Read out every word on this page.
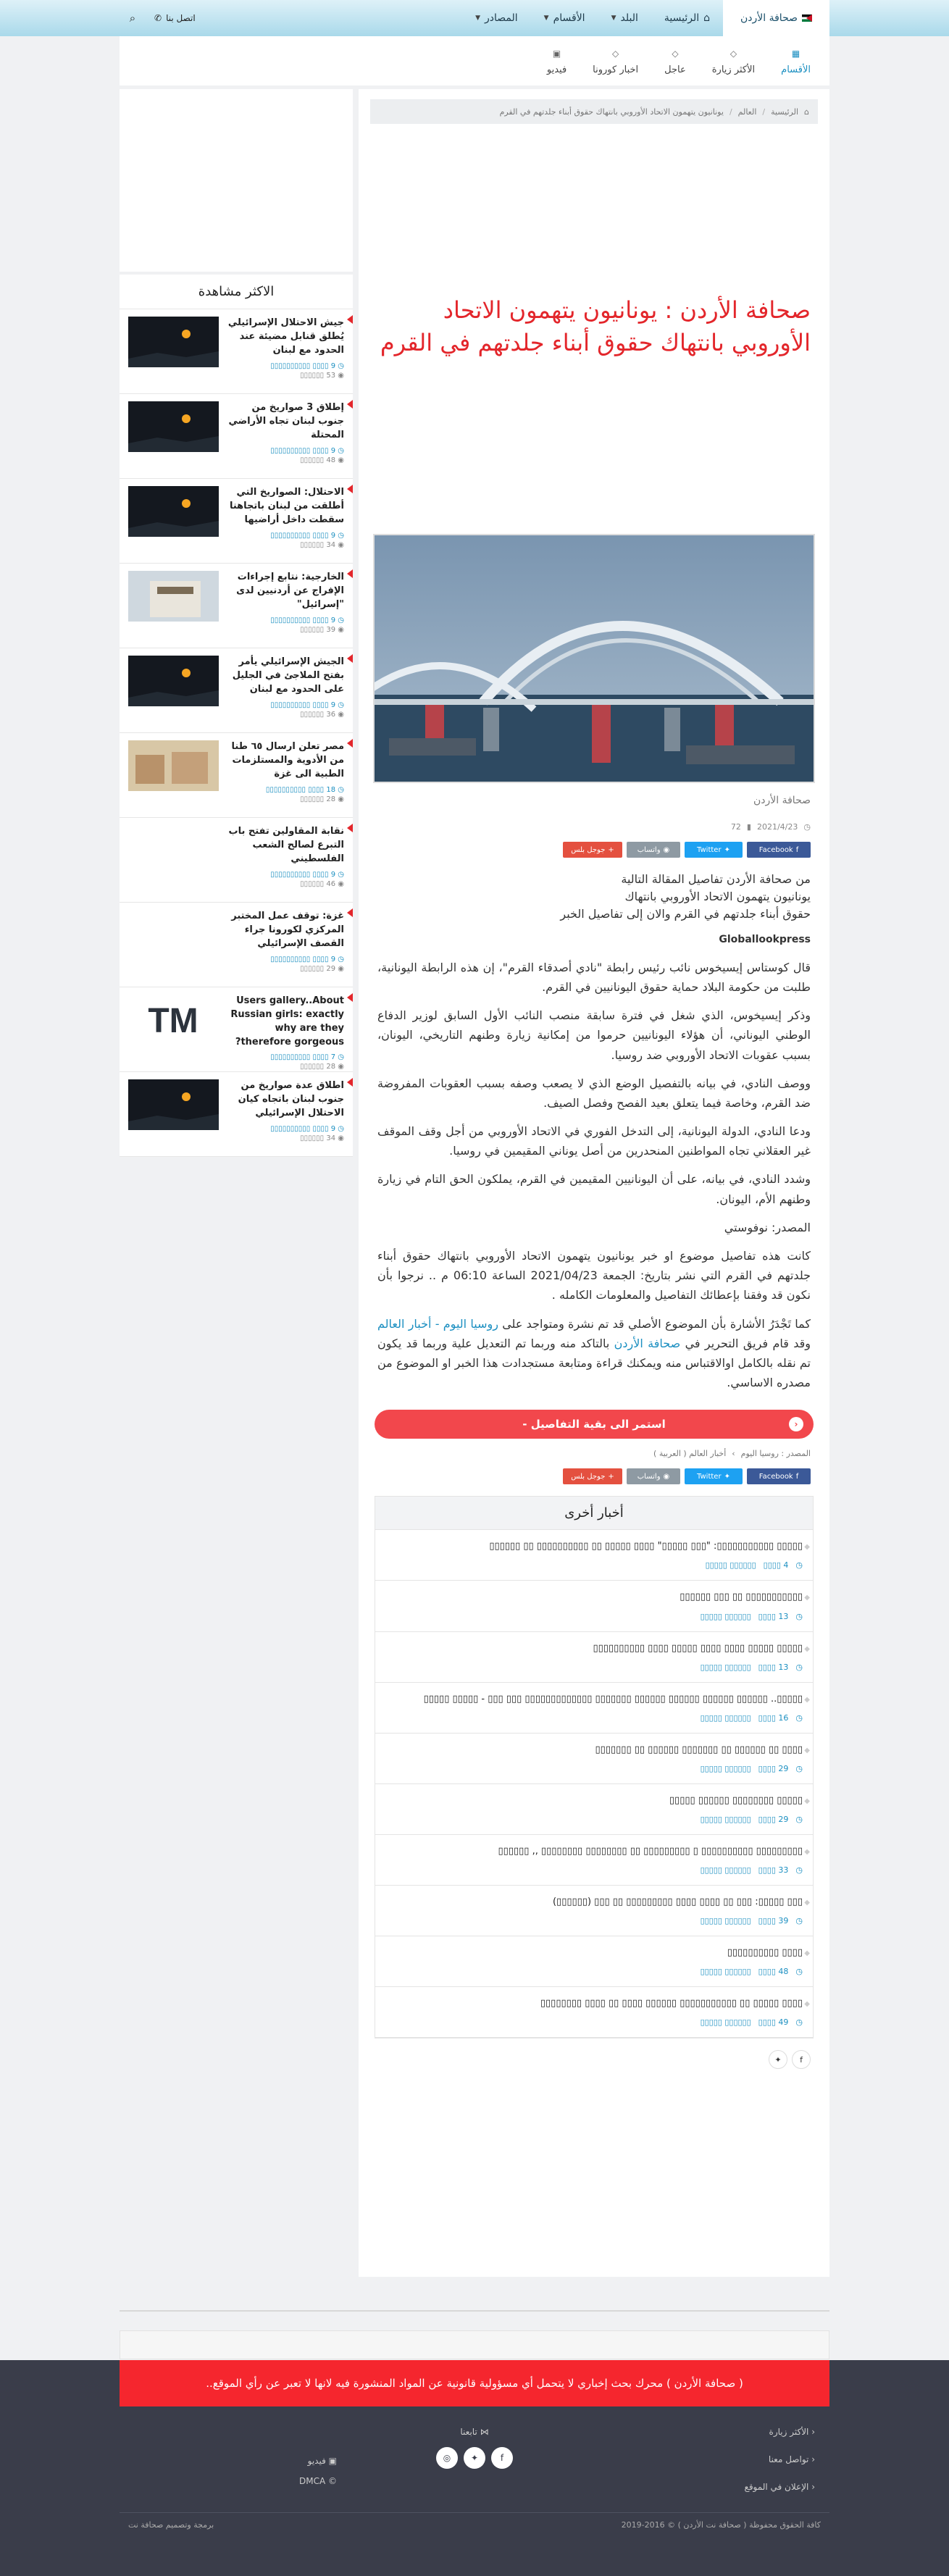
صحافة الأردن
⌂
الرئيسية
البلد
▼
الأقسام
▼
المصادر
▼
اتصل بنا
✆
⌕
▦
الأقسام
◇
الأكثر زيارة
◇
عاجل
◇
اخبار كورونا
▣
فيديو
⌂
الرئيسية
/
العالم
/
يونانيون يتهمون الاتحاد الأوروبي بانتهاك حقوق أبناء جلدتهم في القرم
صحافة الأردن : يونانيون يتهمون الاتحاد الأوروبي بانتهاك حقوق أبناء جلدتهم في القرم
صحافة الأردن
◷
2021/4/23
▮
72
f
Facebook
✦
Twitter
◉
واتساب
+
جوجل بلس

من صحافة الأردن تفاصيل المقالة التالية
يونانيون يتهمون الاتحاد الأوروبي بانتهاك
حقوق أبناء جلدتهم في القرم والان إلى تفاصيل الخبر

Globallookpress

قال كوستاس إيسيخوس نائب رئيس رابطة "نادي أصدقاء القرم"، إن هذه الرابطة اليونانية، طلبت من حكومة البلاد حماية حقوق اليونانيين في القرم.

وذكر إيسيخوس، الذي شغل في فترة سابقة منصب النائب الأول السابق لوزير الدفاع الوطني اليوناني، أن هؤلاء اليونانيين حرموا من إمكانية زيارة وطنهم التاريخي، اليونان، بسبب عقوبات الاتحاد الأوروبي ضد روسيا.

ووصف النادي، في بيانه بالتفصيل الوضع الذي لا يصعب وصفه بسبب العقوبات المفروضة ضد القرم، وخاصة فيما يتعلق بعيد الفصح وفصل الصيف.

ودعا النادي، الدولة اليونانية، إلى التدخل الفوري في الاتحاد الأوروبي من أجل وقف الموقف غير العقلاني تجاه المواطنين المنحدرين من أصل يوناني المقيمين في روسيا.

وشدد النادي، في بيانه، على أن اليونانيين المقيمين في القرم، يملكون الحق التام في زيارة وطنهم الأم، اليونان.

المصدر: نوفوستي

كانت هذه تفاصيل موضوع او خبر يونانيون يتهمون الاتحاد الأوروبي بانتهاك حقوق أبناء جلدتهم في القرم التي نشر بتاريخ: الجمعة 2021/04/23 الساعة 06:10 م .. نرجوا بأن نكون قد وفقنا بإعطائك التفاصيل والمعلومات الكامله .

كما تَجْدَرُ الأشارة بأن الموضوع الأصلي قد تم نشرة ومتواجد على روسيا اليوم - أخبار العالم وقد قام فريق التحرير في صحافة الأردن بالتاكد منه وربما تم التعديل علية وربما قد يكون تم نقله بالكامل اوالاقتباس منه ويمكنك قراءة ومتابعة مستجدادت هذا الخبر او الموضوع من مصدره الاساسي.

‹
استمر الى بقية التفاصيل -
المصدر : روسيا اليوم
›
أخبار العالم ( العربية )
f
Facebook
✦
Twitter
◉
واتساب
+
جوجل بلس
أخبار أخرى
◆
▯▯▯▯▯ ▯▯▯▯▯▯▯▯▯▯▯: "▯▯▯ ▯▯▯▯▯" ▯▯▯▯ ▯▯▯▯▯ ▯▯ ▯▯▯▯▯▯▯▯▯▯ ▯▯ ▯▯▯▯▯▯
◷
4 ▯▯▯▯
▯▯▯▯▯▯ ▯▯▯▯▯
◆
▯▯▯▯▯▯▯▯▯▯▯ ▯▯ ▯▯▯ ▯▯▯▯▯▯
◷
13 ▯▯▯▯
▯▯▯▯▯▯ ▯▯▯▯▯
◆
▯▯▯▯▯ ▯▯▯▯▯ ▯▯▯▯ ▯▯▯▯ ▯▯▯▯▯ ▯▯▯▯ ▯▯▯▯▯▯▯▯▯▯
◷
13 ▯▯▯▯
▯▯▯▯▯▯ ▯▯▯▯▯
◆
▯▯▯▯▯.. ▯▯▯▯▯▯ ▯▯▯▯▯▯ ▯▯▯▯▯▯ ▯▯▯▯▯▯ ▯▯▯▯▯▯▯ ▯▯▯▯▯▯▯▯▯▯▯▯▯ ▯▯▯ ▯▯▯ - ▯▯▯▯▯ ▯▯▯▯▯
◷
16 ▯▯▯▯
▯▯▯▯▯▯ ▯▯▯▯▯
◆
▯▯▯▯ ▯▯ ▯▯▯▯▯▯ ▯▯ ▯▯▯▯▯▯▯ ▯▯▯▯▯▯ ▯▯ ▯▯▯▯▯▯▯
◷
29 ▯▯▯▯
▯▯▯▯▯▯ ▯▯▯▯▯
◆
▯▯▯▯▯ ▯▯▯▯▯▯▯▯ ▯▯▯▯▯▯ ▯▯▯▯▯
◷
29 ▯▯▯▯
▯▯▯▯▯▯ ▯▯▯▯▯
◆
▯▯▯▯▯▯▯▯▯ ▯▯▯▯▯▯▯▯▯▯ ▯ ▯▯▯▯▯▯▯▯▯ ▯▯ ▯▯▯▯▯▯▯▯ ▯▯▯▯▯▯▯▯ ,, ▯▯▯▯▯▯
◷
33 ▯▯▯▯
▯▯▯▯▯▯ ▯▯▯▯▯
◆
▯▯▯ ▯▯▯▯▯: ▯▯▯ ▯▯ ▯▯▯▯ ▯▯▯▯ ▯▯▯▯▯▯▯▯▯ ▯▯ ▯▯▯ (▯▯▯▯▯▯)
◷
39 ▯▯▯▯
▯▯▯▯▯▯ ▯▯▯▯▯
◆
▯▯▯▯ ▯▯▯▯▯▯▯▯▯▯
◷
48 ▯▯▯▯
▯▯▯▯▯▯ ▯▯▯▯▯
◆
▯▯▯▯ ▯▯▯▯▯ ▯▯ ▯▯▯▯▯▯▯▯▯▯▯ ▯▯▯▯▯▯ ▯▯▯▯ ▯▯ ▯▯▯▯ ▯▯▯▯▯▯▯▯
◷
49 ▯▯▯▯
▯▯▯▯▯▯ ▯▯▯▯▯
f
✦
الاكثر مشاهدة
جيش الاحتلال الإسرائيلي يُطلق قنابل مضيئة عند الحدود مع لبنان
◷ 9 ▯▯▯▯ ▯▯▯▯▯▯▯▯▯▯
◉ 53 ▯▯▯▯▯▯
إطلاق 3 صواريخ من جنوب لبنان تجاه الأراضي المحتلة
◷ 9 ▯▯▯▯ ▯▯▯▯▯▯▯▯▯▯
◉ 48 ▯▯▯▯▯▯
الاحتلال: الصواريخ التي أطلقت من لبنان باتجاهنا سقطت داخل أراضيها
◷ 9 ▯▯▯▯ ▯▯▯▯▯▯▯▯▯▯
◉ 34 ▯▯▯▯▯▯
الخارجية: نتابع إجراءات الإفراج عن أردنيين لدى "إسرائيل"
◷ 9 ▯▯▯▯ ▯▯▯▯▯▯▯▯▯▯
◉ 39 ▯▯▯▯▯▯
الجيش الإسرائيلي يأمر بفتح الملاجئ في الجليل على الحدود مع لبنان
◷ 9 ▯▯▯▯ ▯▯▯▯▯▯▯▯▯▯
◉ 36 ▯▯▯▯▯▯
مصر تعلن ارسال ٦٥ طنا من الأدوية والمستلزمات الطبية الى غزة
◷ 18 ▯▯▯▯ ▯▯▯▯▯▯▯▯▯▯
◉ 28 ▯▯▯▯▯▯
نقابة المقاولين تفتح باب التبرع لصالح الشعب الفلسطيني
◷ 9 ▯▯▯▯ ▯▯▯▯▯▯▯▯▯▯
◉ 46 ▯▯▯▯▯▯
غزة: توقف عمل المختبر المركزي لكورونا جراء القصف الإسرائيلي
◷ 9 ▯▯▯▯ ▯▯▯▯▯▯▯▯▯▯
◉ 29 ▯▯▯▯▯▯
Users gallery..About Russian girls: exactly why are they therefore gorgeous?
◷ 7 ▯▯▯▯ ▯▯▯▯▯▯▯▯▯▯
◉ 28 ▯▯▯▯▯▯
TM
اطلاق عدة صواريخ من جنوب لبنان باتجاه كيان الاحتلال الإسرائيلي
◷ 9 ▯▯▯▯ ▯▯▯▯▯▯▯▯▯▯
◉ 34 ▯▯▯▯▯▯
( صحافة الأردن ) محرك بحث إخباري لا يتحمل أي مسؤولية قانونية عن المواد المنشورة فيه لانها لا تعبر عن رأي الموقع..
‹ الأكثر زيارة
‹ تواصل معنا
‹ الإعلان في الموقع
⋈ تابعنا
f
✦
◎
▣ فيديو
© DMCA
كافة الحقوق محفوظة ( صحافة نت الأردن ) © 2016-2019
برمجة وتصميم صحافة نت
